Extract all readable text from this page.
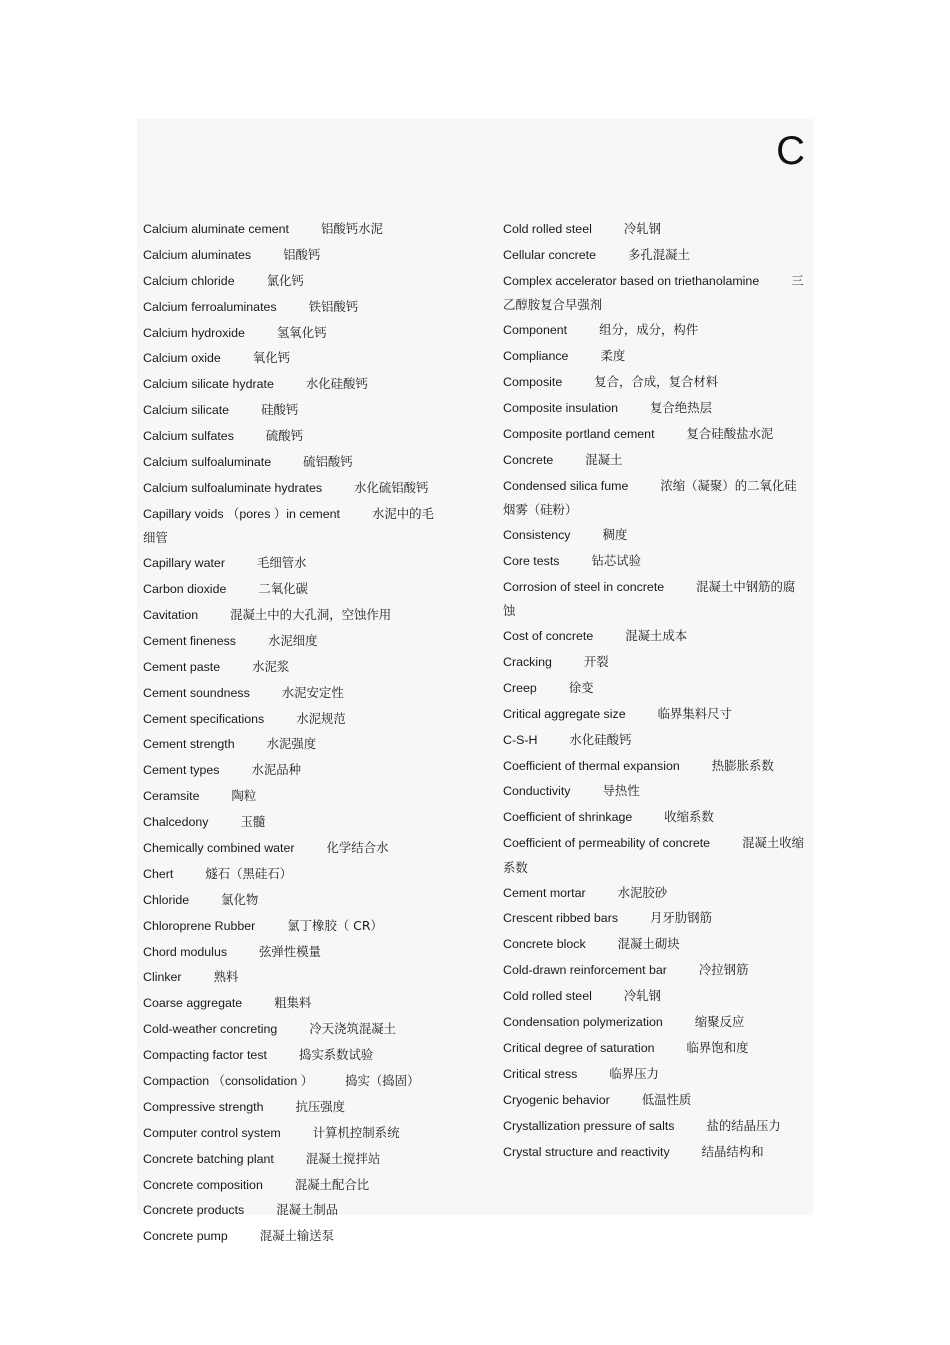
C
Calcium aluminate cement	铝酸钙水泥
Calcium aluminates	铝酸钙
Calcium chloride	氯化钙
Calcium ferroaluminates	铁铝酸钙
Calcium hydroxide	氢氧化钙
Calcium oxide	氧化钙
Calcium silicate hydrate	水化硅酸钙
Calcium silicate	硅酸钙
Calcium sulfates	硫酸钙
Calcium sulfoaluminate	硫铝酸钙
Calcium sulfoaluminate hydrates	水化硫铝酸钙
Capillary voids （pores ）in cement	水泥中的毛细管
Capillary water	毛细管水
Carbon dioxide	二氧化碳
Cavitation	混凝土中的大孔洞，空蚀作用
Cement fineness	水泥细度
Cement paste	水泥浆
Cement soundness	水泥安定性
Cement specifications	水泥规范
Cement strength	水泥强度
Cement types	水泥品种
Ceramsite	陶粒
Chalcedony	玉髓
Chemically combined water	化学结合水
Chert	燧石（黑硅石）
Chloride	氯化物
Chloroprene Rubber	氯丁橡胶（ CR）
Chord modulus	弦弹性模量
Clinker	熟料
Coarse aggregate	粗集料
Cold-weather concreting	冷天浇筑混凝土
Compacting factor test	捣实系数试验
Compaction （consolidation ）	捣实（捣固）
Compressive strength	抗压强度
Computer control system	计算机控制系统
Concrete batching plant	混凝土搅拌站
Concrete composition	混凝土配合比
Concrete products	混凝土制品
Concrete pump	混凝土输送泵
Cold rolled steel	冷轧钢
Cellular concrete	多孔混凝土
Complex accelerator based on triethanolamine	三乙醇胺复合早强剂
Component	组分，成分，构件
Compliance	柔度
Composite	复合，合成，复合材料
Composite insulation	复合绝热层
Composite portland cement	复合硅酸盐水泥
Concrete	混凝土
Condensed silica fume	浓缩（凝聚）的二氧化硅烟雾（硅粉）
Consistency	稠度
Core tests	钻芯试验
Corrosion of steel in concrete	混凝土中钢筋的腐蚀
Cost of concrete	混凝土成本
Cracking	开裂
Creep	徐变
Critical aggregate size	临界集料尺寸
C-S-H	水化硅酸钙
Coefficient of thermal expansion	热膨胀系数
Conductivity	导热性
Coefficient of shrinkage	收缩系数
Coefficient of permeability of concrete	混凝土收缩系数
Cement mortar	水泥胶砂
Crescent ribbed bars	月牙肋钢筋
Concrete block	混凝土砌块
Cold-drawn reinforcement bar	冷拉钢筋
Cold rolled steel	冷轧钢
Condensation polymerization	缩聚反应
Critical degree of saturation	临界饱和度
Critical stress	临界压力
Cryogenic behavior	低温性质
Crystallization pressure of salts	盐的结晶压力
Crystal structure and reactivity	结晶结构和
